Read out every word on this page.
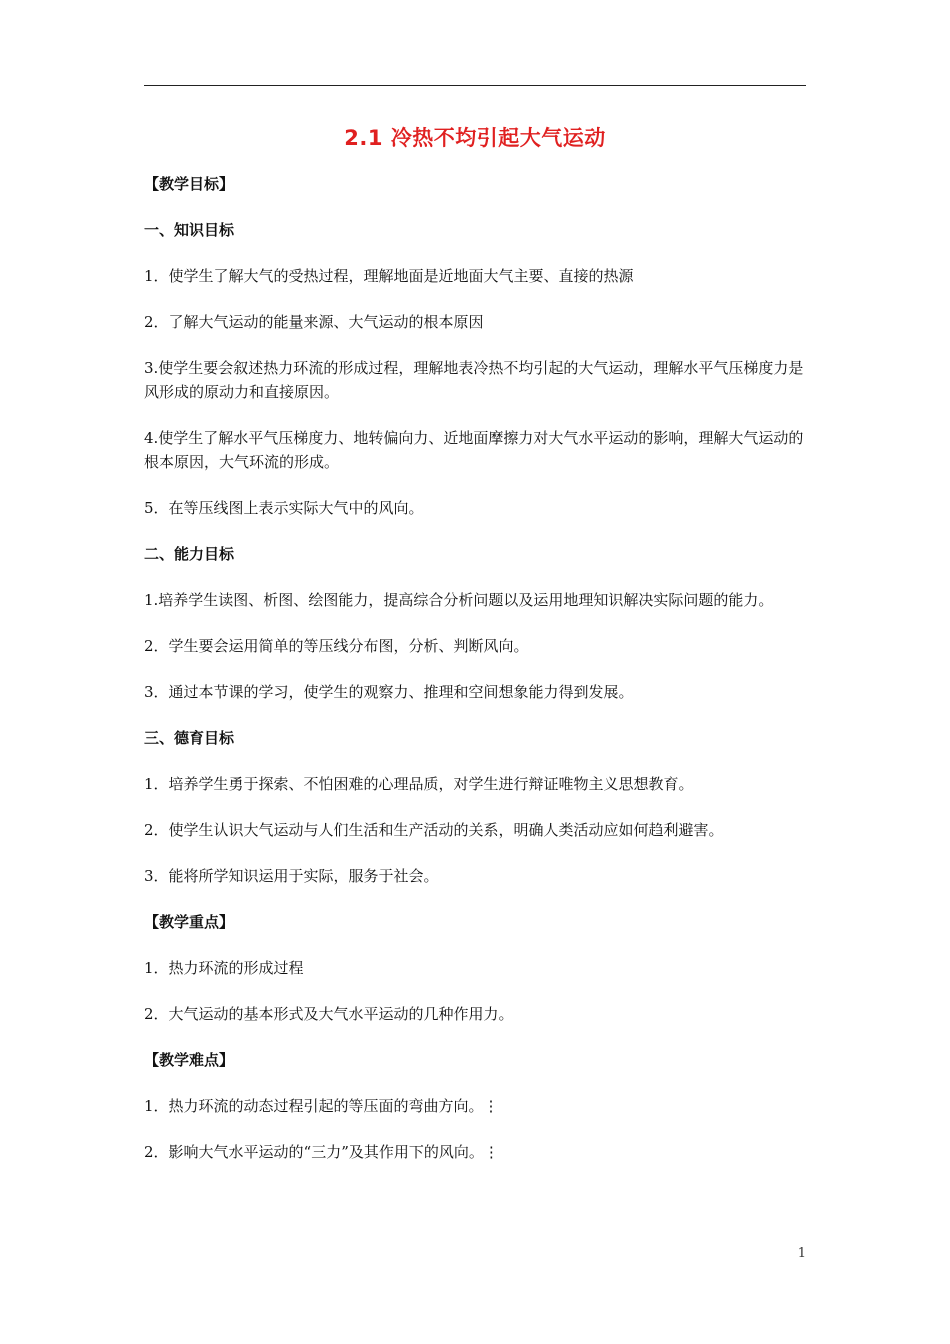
2.1 冷热不均引起大气运动
【教学目标】
一、知识目标
1．使学生了解大气的受热过程，理解地面是近地面大气主要、直接的热源
2．了解大气运动的能量来源、大气运动的根本原因
3.使学生要会叙述热力环流的形成过程，理解地表冷热不均引起的大气运动，理解水平气压梯度力是风形成的原动力和直接原因。
4.使学生了解水平气压梯度力、地转偏向力、近地面摩擦力对大气水平运动的影响，理解大气运动的根本原因，大气环流的形成。
5．在等压线图上表示实际大气中的风向。
二、能力目标
1.培养学生读图、析图、绘图能力，提高综合分析问题以及运用地理知识解决实际问题的能力。
2．学生要会运用简单的等压线分布图，分析、判断风向。
3．通过本节课的学习，使学生的观察力、推理和空间想象能力得到发展。
三、德育目标
1．培养学生勇于探索、不怕困难的心理品质，对学生进行辩证唯物主义思想教育。
2．使学生认识大气运动与人们生活和生产活动的关系，明确人类活动应如何趋利避害。
3．能将所学知识运用于实际，服务于社会。
【教学重点】
1．热力环流的形成过程
2．大气运动的基本形式及大气水平运动的几种作用力。
【教学难点】
1．热力环流的动态过程引起的等压面的弯曲方向。⋮
2．影响大气水平运动的“三力”及其作用下的风向。⋮
1
